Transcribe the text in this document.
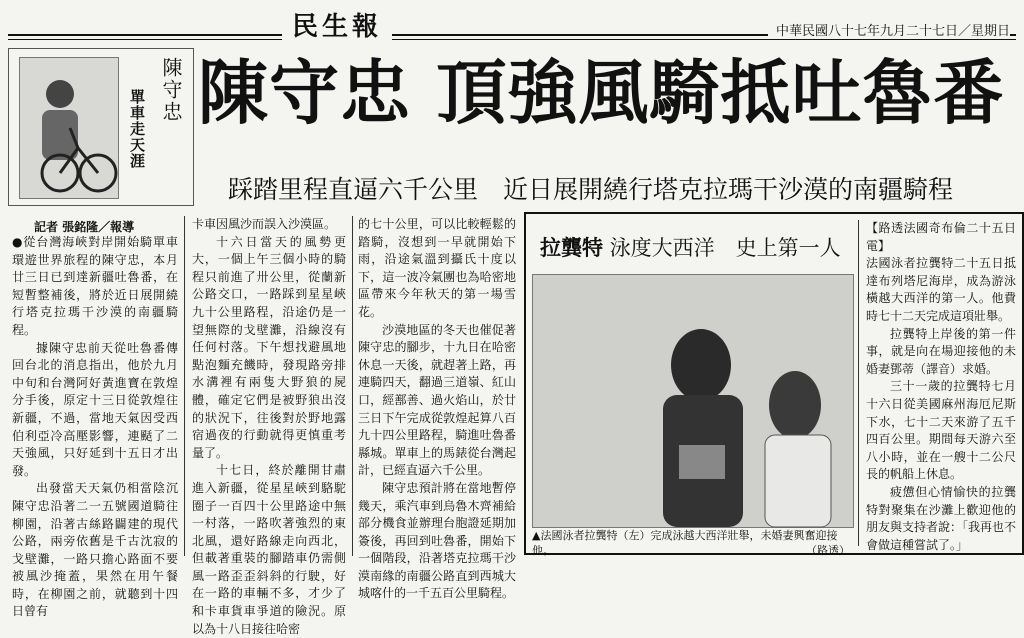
民生報	中華民國八十七年九月二十七日／星期日
陳守忠
單車走天涯 陳守忠 頂強風騎抵吐魯番
踩踏里程直逼六千公里　近日展開繞行塔克拉瑪干沙漠的南疆騎程
記者 張銘隆／報導

●從台灣海峽對岸開始騎單車環遊世界旅程的陳守忠，本月廿三日已到達新疆吐魯番，在短暫整補後，將於近日展開繞行塔克拉瑪干沙漠的南疆騎程。

據陳守忠前天從吐魯番傳回台北的消息指出，他於九月中旬和台灣阿好黃進寶在敦煌分手後，原定十三日從敦煌往新疆，不過，當地天氣因受西伯利亞冷高壓影響，連颳了二天強風，只好延到十五日才出發。

出發當天天氣仍相當陰沉陳守忠沿著二一五號國道騎往柳園，沿著古絲路闢建的現代公路，兩旁依舊是千古沈寂的戈壁灘，一路只擔心路面不要被風沙掩蓋，果然在用午餐時，在柳園之前，就聽到十四日曾有

卡車因風沙而誤入沙漠區。

十六日當天的風勢更大，一個上午三個小時的騎程只前進了卅公里，從蘭新公路交口，一路踩到星星峽九十公里路程，沿途仍是一望無際的戈壁灘，沿線沒有任何村落。下午想找避風地點泡麵充饑時，發現路旁排水溝裡有兩隻大野狼的屍體，確定它們是被野狼出沒的狀況下，往後對於野地露宿過夜的行動就得更慎重考量了。

十七日，終於離開甘肅進入新疆，從星星峽到駱駝圈子一百四十公里路途中無一村落，一路吹著強烈的東北風，還好路線走向西北，但載著重裝的腳踏車仍需側風一路歪歪斜斜的行駛，好在一路的車輛不多，才少了和卡車貨車爭道的險況。原以為十八日接往哈密

的七十公里，可以比較輕鬆的踏騎，沒想到一早就開始下雨，沿途氣溫到攝氏十度以下，這一波冷氣團也為哈密地區帶來今年秋天的第一場雪花。

沙漠地區的冬天也催促著陳守忠的腳步，十九日在哈密休息一天後，就趕著上路，再連騎四天，翻過三道嶺、紅山口，經鄯善、過火焰山，於廿三日下午完成從敦煌起算八百九十四公里路程，騎進吐魯番縣城。單車上的馬錶從台灣起計，已經直逼六千公里。

陳守忠預計將在當地暫停幾天，乘汽車到烏魯木齊補給部分機食並辦理台胞證延期加簽後，再回到吐魯番，開始下一個階段，沿著塔克拉瑪干沙漠南緣的南疆公路直到西城大城喀什的一千五百公里騎程。

拉龔特 泳度大西洋　史上第一人
▲法國泳者拉龔特（左）完成泳越大西洋壯舉，未婚妻興奮迎接他。	（路透）

【路透法國奇布倫二十五日電】

法國泳者拉龔特二十五日抵達布列塔尼海岸，成為游泳橫越大西洋的第一人。他費時七十二天完成這項壯舉。

拉龔特上岸後的第一件事，就是向在場迎接他的未婚妻鄧蒂（譯音）求婚。

三十一歲的拉龔特七月十六日從美國麻州海厄尼斯下水，七十二天來游了五千四百公里。期間每天游六至八小時，並在一艘十二公尺長的帆船上休息。

疲憊但心情愉快的拉龔特對聚集在沙灘上歡迎他的朋友與支持者說：「我再也不會做這種嘗試了。」
